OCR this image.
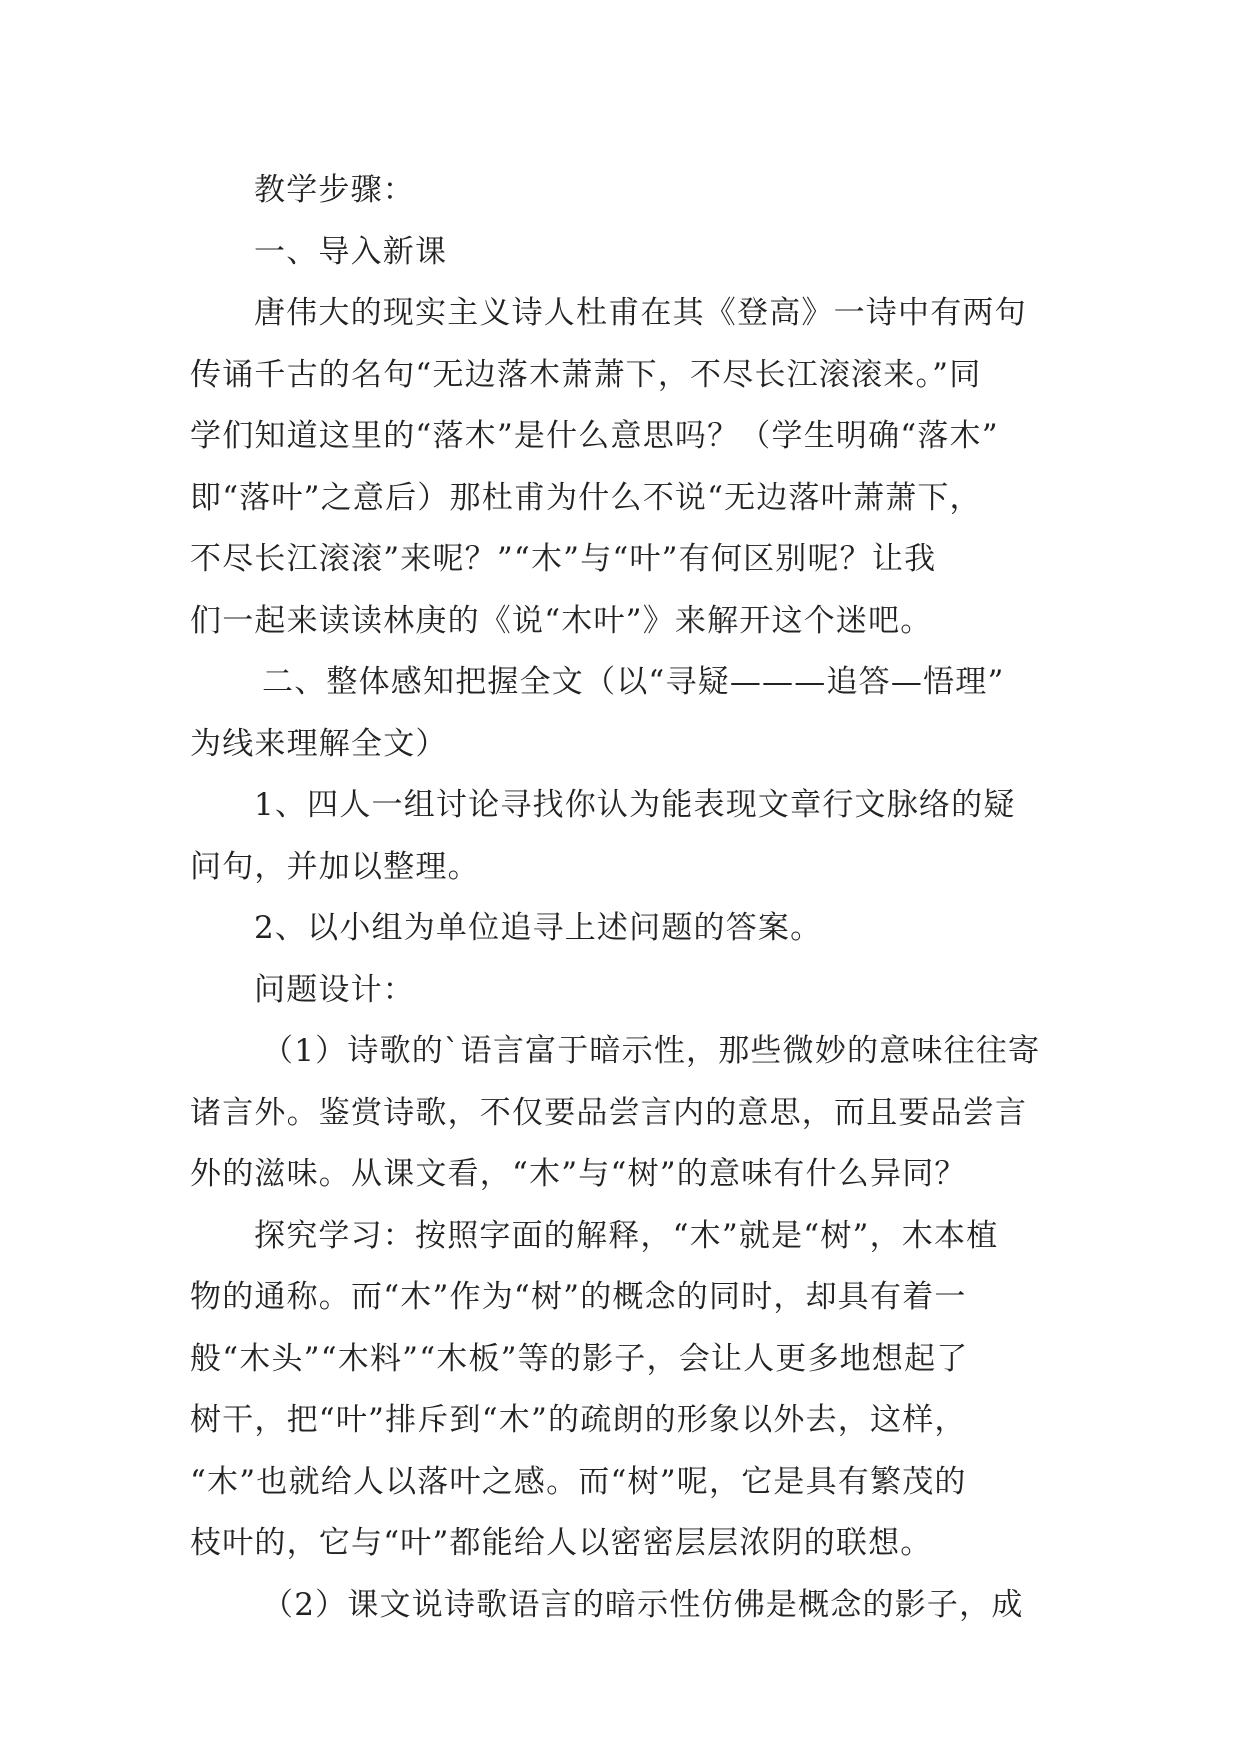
教学步骤：
一、导入新课
唐伟大的现实主义诗人杜甫在其《登高》一诗中有两句
传诵千古的名句“无边落木萧萧下，不尽长江滚滚来。”同
学们知道这里的“落木”是什么意思吗？（学生明确“落木”
即“落叶”之意后）那杜甫为什么不说“无边落叶萧萧下，
不尽长江滚滚”来呢？”“木”与“叶”有何区别呢？让我
们一起来读读林庚的《说“木叶”》来解开这个迷吧。
二、整体感知把握全文（以“寻疑———追答—悟理”
为线来理解全文）
1、四人一组讨论寻找你认为能表现文章行文脉络的疑
问句，并加以整理。
2、以小组为单位追寻上述问题的答案。
问题设计：
（1）诗歌的`语言富于暗示性，那些微妙的意味往往寄
诸言外。鉴赏诗歌，不仅要品尝言内的意思，而且要品尝言
外的滋味。从课文看，“木”与“树”的意味有什么异同？
探究学习：按照字面的解释，“木”就是“树”，木本植
物的通称。而“木”作为“树”的概念的同时，却具有着一
般“木头”“木料”“木板”等的影子，会让人更多地想起了
树干，把“叶”排斥到“木”的疏朗的形象以外去，这样，
“木”也就给人以落叶之感。而“树”呢，它是具有繁茂的
枝叶的，它与“叶”都能给人以密密层层浓阴的联想。
（2）课文说诗歌语言的暗示性仿佛是概念的影子，成
